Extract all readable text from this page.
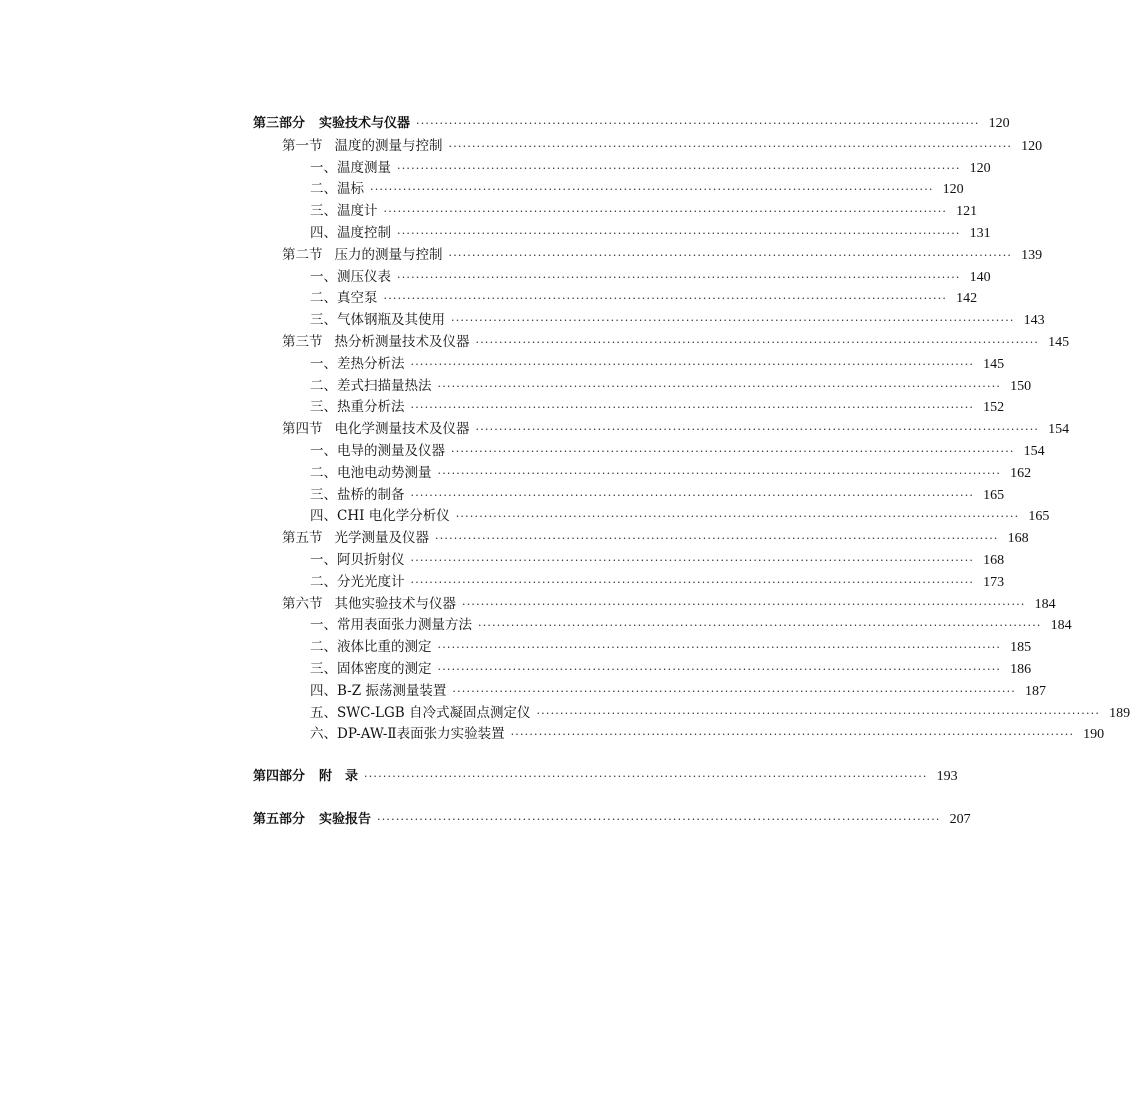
第三部分 实验技术与仪器 ························································································································ 120
第一节 温度的测量与控制 ························································································································ 120
一、温度测量 ························································································································ 120
二、温标 ························································································································ 120
三、温度计 ························································································································ 121
四、温度控制 ························································································································ 131
第二节 压力的测量与控制 ························································································································ 139
一、测压仪表 ························································································································ 140
二、真空泵 ························································································································ 142
三、气体钢瓶及其使用 ························································································································ 143
第三节 热分析测量技术及仪器 ························································································································ 145
一、差热分析法 ························································································································ 145
二、差式扫描量热法 ························································································································ 150
三、热重分析法 ························································································································ 152
第四节 电化学测量技术及仪器 ························································································································ 154
一、电导的测量及仪器 ························································································································ 154
二、电池电动势测量 ························································································································ 162
三、盐桥的制备 ························································································································ 165
四、CHI 电化学分析仪 ························································································································ 165
第五节 光学测量及仪器 ························································································································ 168
一、阿贝折射仪 ························································································································ 168
二、分光光度计 ························································································································ 173
第六节 其他实验技术与仪器 ························································································································ 184
一、常用表面张力测量方法 ························································································································ 184
二、液体比重的测定 ························································································································ 185
三、固体密度的测定 ························································································································ 186
四、B-Z 振荡测量装置 ························································································································ 187
五、SWC-LGB 自冷式凝固点测定仪 ························································································································ 189
六、DP-AW-Ⅱ表面张力实验装置 ························································································································ 190
第四部分 附　录 ························································································································ 193
第五部分 实验报告 ························································································································ 207
